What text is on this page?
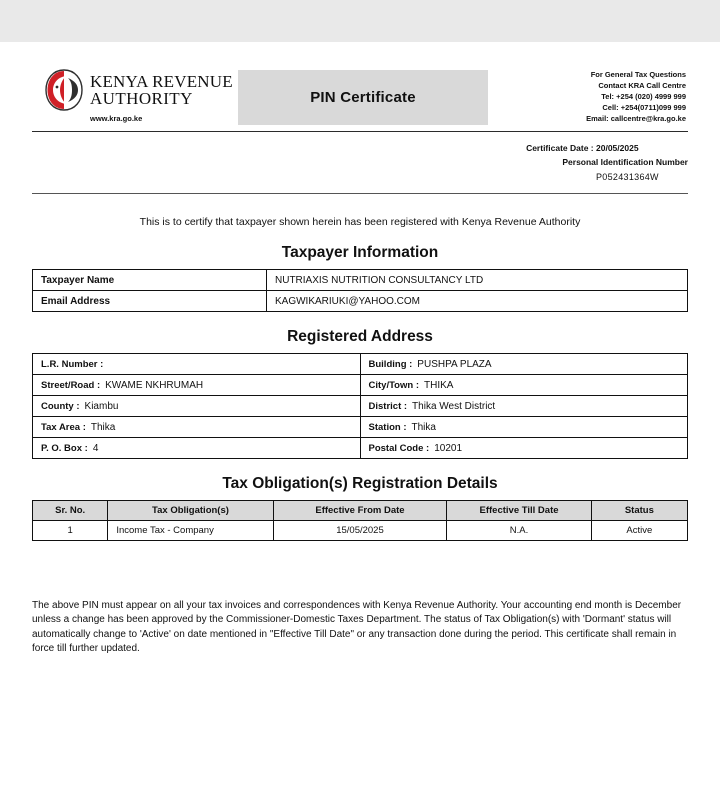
KENYA REVENUE
AUTHORITY	PIN Certificate
For General Tax Questions
Contact KRA Call Centre
Tel: +254 (020) 4999 999
Cell: +254(0711)099 999
Email: callcentre@kra.go.ke
www.kra.go.ke
Certificate Date : 20/05/2025
Personal Identification Number
P052431364W
This is to certify that taxpayer shown herein has been registered with Kenya Revenue Authority
Taxpayer Information
Taxpayer Name	NUTRIAXIS NUTRITION CONSULTANCY LTD
Email Address	KAGWIKARIUKI@YAHOO.COM
Registered Address
L.R. Number :	Building : PUSHPA PLAZA

Street/Road : KWAME NKHRUMAH	City/Town : THIKA

County : Kiambu	District : Thika West District

Tax Area : Thika	Station : Thika

P. O. Box : 4	Postal Code : 10201
Tax Obligation(s) Registration Details
Sr. No.	Tax Obligation(s)	Effective From Date	Effective Till Date	Status
1	Income Tax - Company	15/05/2025	N.A.	Active
The above PIN must appear on all your tax invoices and correspondences with Kenya Revenue Authority. Your accounting end month is December unless a change has been approved by the Commissioner-Domestic Taxes Department. The status of Tax Obligation(s) with 'Dormant' status will automatically change to 'Active' on date mentioned in "Effective Till Date" or any transaction done during the period. This certificate shall remain in force till further updated.
